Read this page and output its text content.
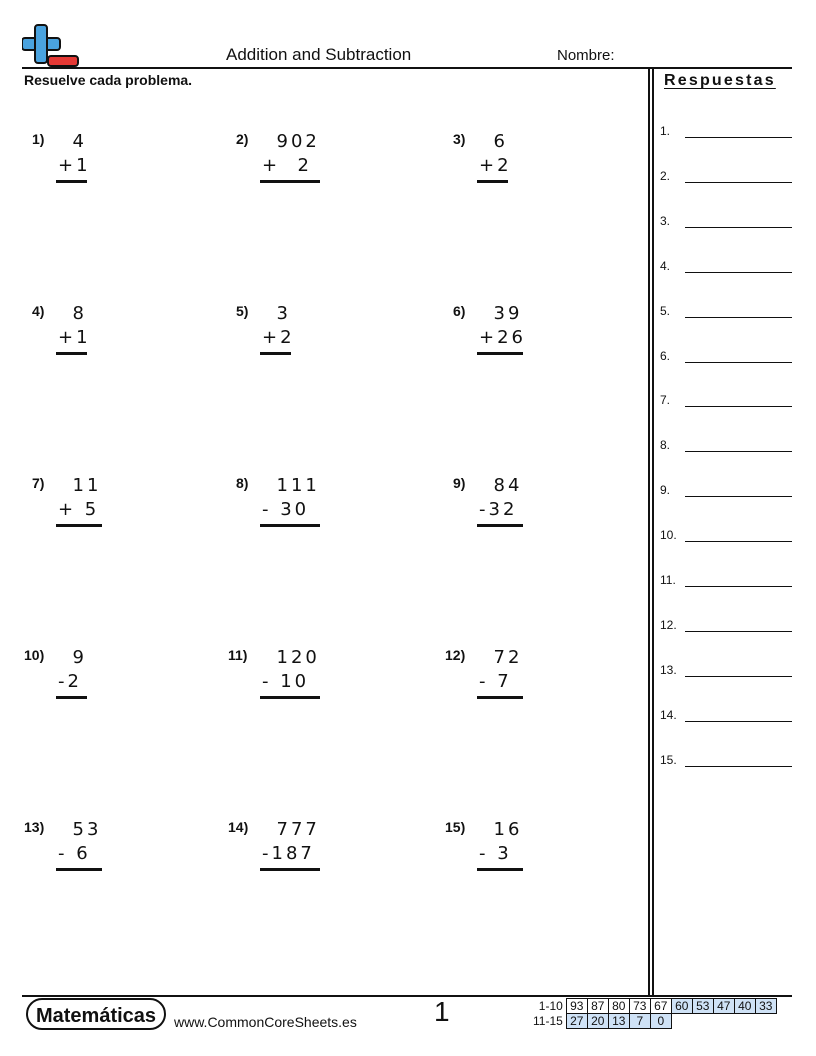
Addition and Subtraction	Nombre:
Resuelve cada problema.	Respuestas
1.
2.
3.
4.
5.
6.
7.
8.
9.
10.
11.
12.
13.
14.
15.
1) 4
+1
2) 902
+  2
3) 6
+2
4) 8
+1
5) 3
+2
6) 39
+26
7) 11
+ 5
8) 111
- 30
9) 84
-32
10) 9
-2
11) 120
- 10
12) 72
- 7
13) 53
- 6
14) 777
-187
15) 16
- 3
Matemáticas	www.CommonCoreSheets.es	1	1-10	93	87	80	73	67	60	53	47	40	33
11-15	27	20	13	7	0					
